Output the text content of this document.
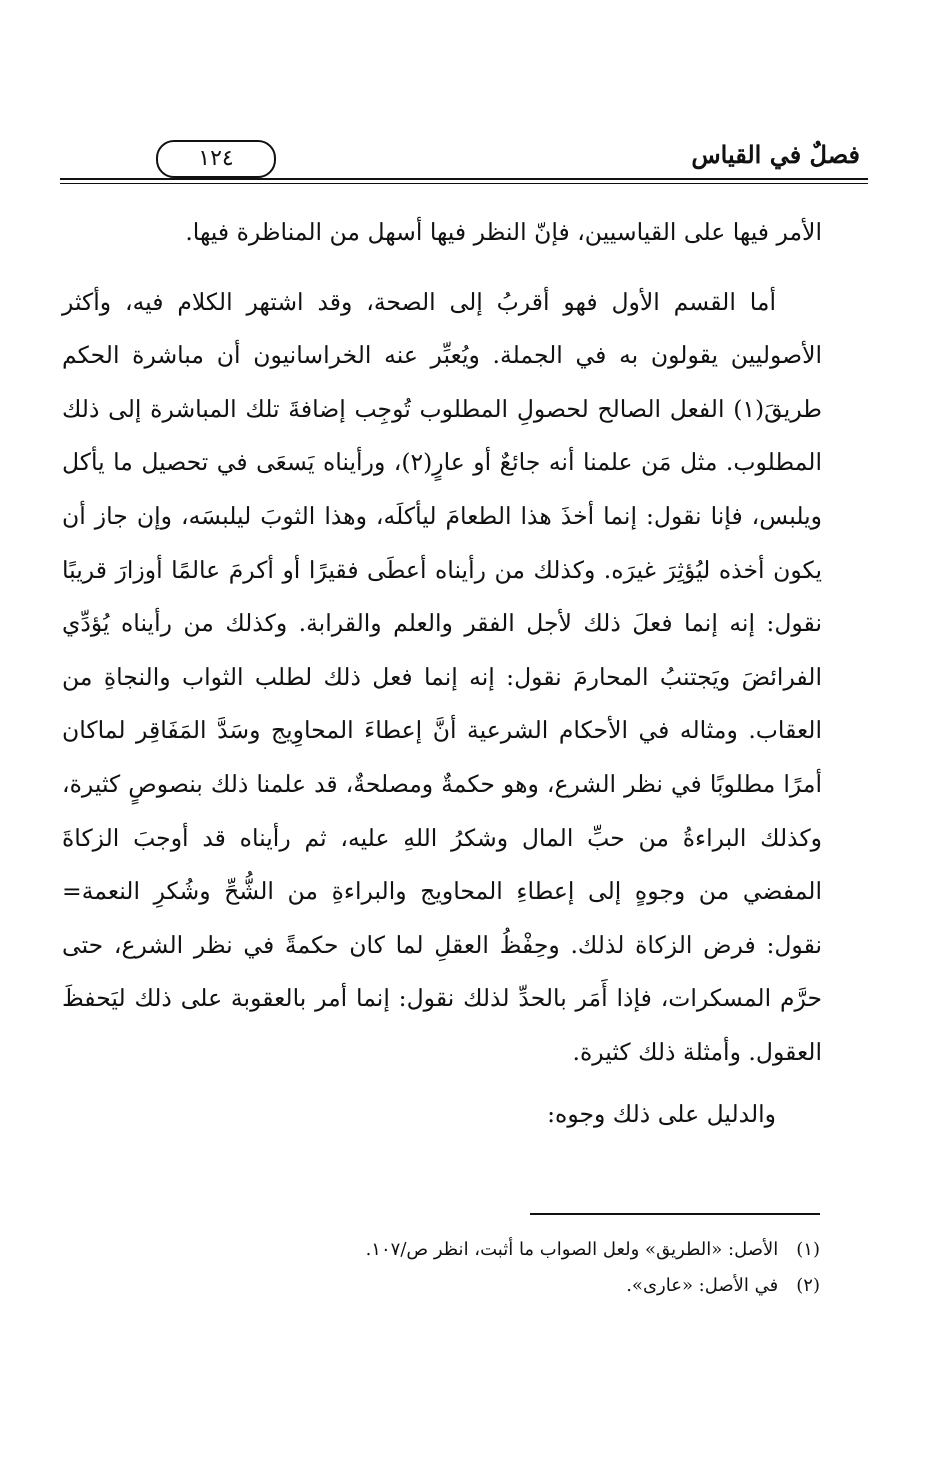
فصلٌ في القياس
١٢٤

الأمر فيها على القياسيين، فإنّ النظر فيها أسهل من المناظرة فيها.

أما القسم الأول فهو أقربُ إلى الصحة، وقد اشتهر الكلام فيه، وأكثر الأصوليين يقولون به في الجملة. ويُعبِّر عنه الخراسانيون أن مباشرة الحكم طريقَ(١) الفعل الصالح لحصولِ المطلوب تُوجِب إضافةَ تلك المباشرة إلى ذلك المطلوب. مثل مَن علمنا أنه جائعٌ أو عارٍ(٢)، ورأيناه يَسعَى في تحصيل ما يأكل ويلبس، فإنا نقول: إنما أخذَ هذا الطعامَ ليأكلَه، وهذا الثوبَ ليلبسَه، وإن جاز أن يكون أخذه ليُؤثِرَ غيرَه. وكذلك من رأيناه أعطَى فقيرًا أو أكرمَ عالمًا أوزارَ قريبًا نقول: إنه إنما فعلَ ذلك لأجل الفقر والعلم والقرابة. وكذلك من رأيناه يُؤدِّي الفرائضَ ويَجتنبُ المحارمَ نقول: إنه إنما فعل ذلك لطلب الثواب والنجاةِ من العقاب. ومثاله في الأحكام الشرعية أنَّ إعطاءَ المحاوِيج وسَدَّ المَفَاقِر لماكان أمرًا مطلوبًا في نظر الشرع، وهو حكمةٌ ومصلحةٌ، قد علمنا ذلك بنصوصٍ كثيرة، وكذلك البراءةُ من حبِّ المال وشكرُ اللهِ عليه، ثم رأيناه قد أوجبَ الزكاةَ المفضي من وجوهٍ إلى إعطاءِ المحاويج والبراءةِ من الشُّحِّ وشُكرِ النعمة= نقول: فرض الزكاة لذلك. وحِفْظُ العقلِ لما كان حكمةً في نظر الشرع، حتى حرَّم المسكرات، فإذا أَمَر بالحدِّ لذلك نقول: إنما أمر بالعقوبة على ذلك ليَحفظَ العقول. وأمثلة ذلك كثيرة.

والدليل على ذلك وجوه:

(١)الأصل: «الطريق» ولعل الصواب ما أثبت، انظر ص/١٠٧.
(٢)في الأصل: «عارى».
